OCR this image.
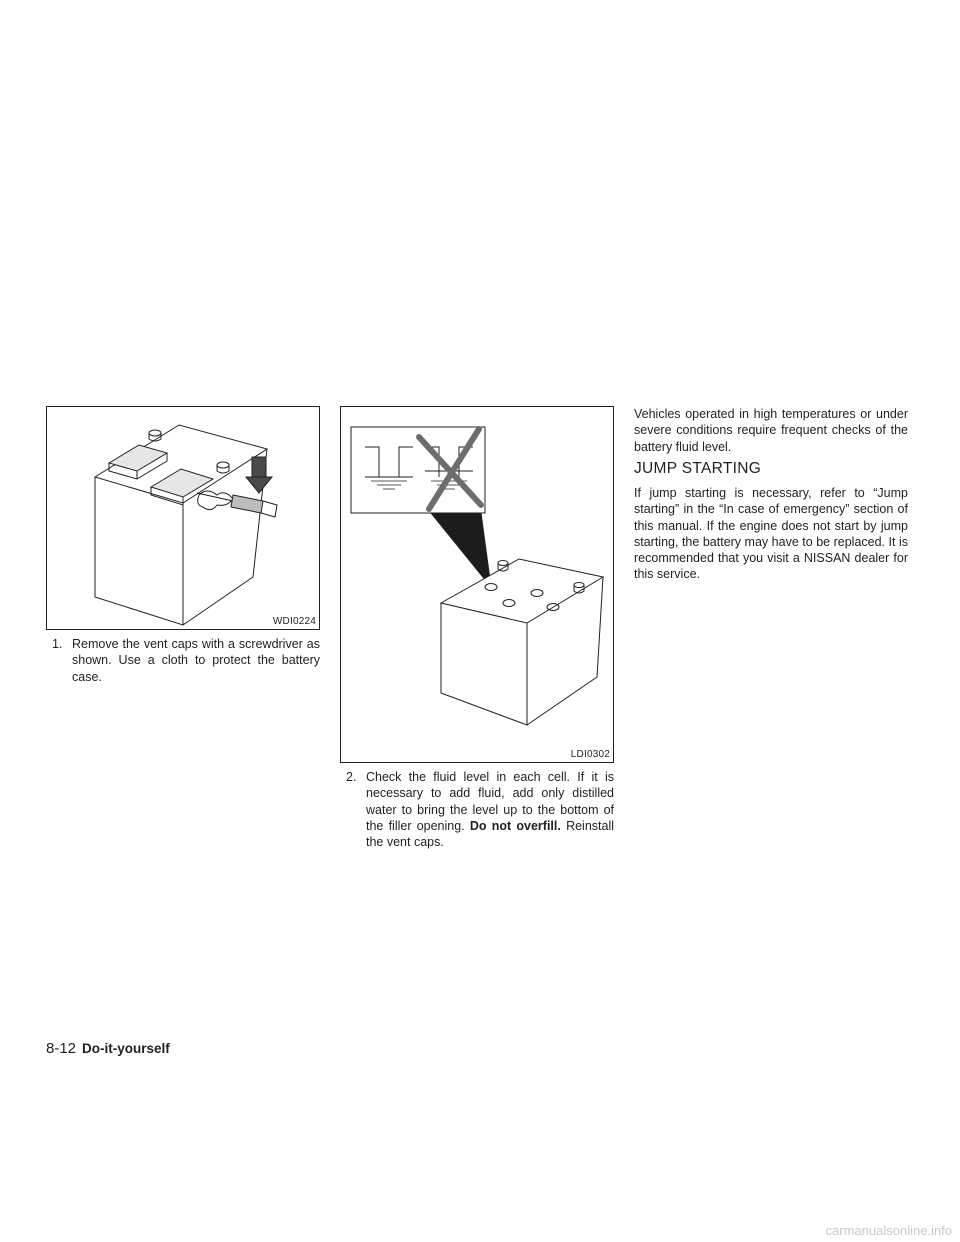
WDI0224
LDI0302
1. Remove the vent caps with a screwdriver as shown. Use a cloth to protect the battery case.
2. Check the fluid level in each cell. If it is necessary to add fluid, add only distilled water to bring the level up to the bottom of the filler opening. Do not overfill. Reinstall the vent caps.
Vehicles operated in high temperatures or under severe conditions require frequent checks of the battery fluid level.
JUMP STARTING
If jump starting is necessary, refer to “Jump starting” in the “In case of emergency” section of this manual. If the engine does not start by jump starting, the battery may have to be replaced. It is recommended that you visit a NISSAN dealer for this service.
8-12 Do-it-yourself
carmanualsonline.info
